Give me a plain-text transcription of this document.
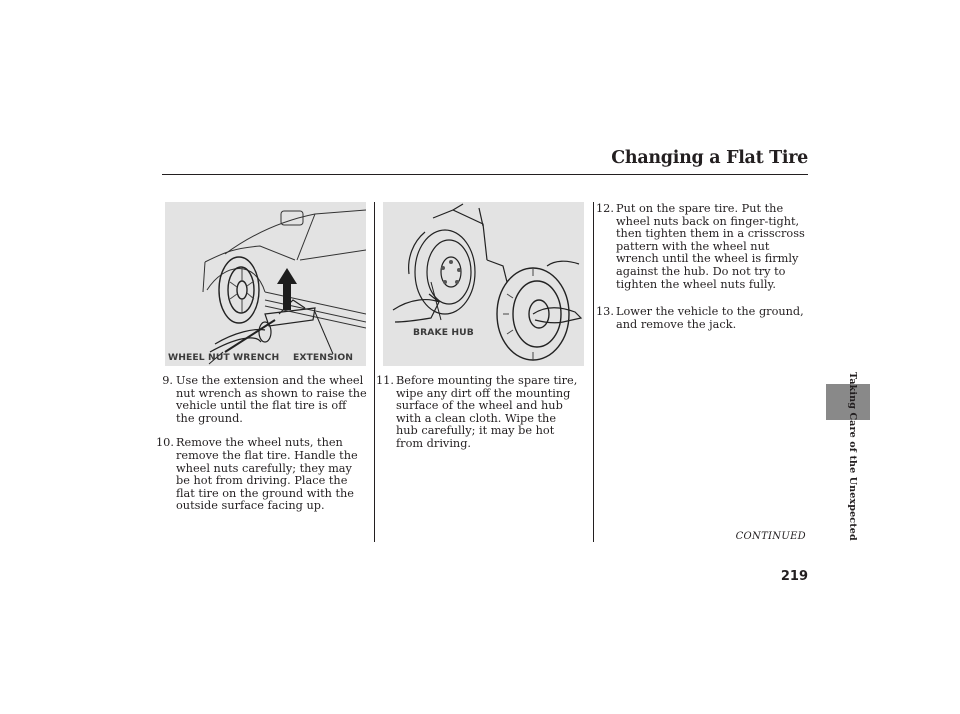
Changing a Flat Tire
WHEEL NUT WRENCH EXTENSION
BRAKE HUB
9. Use the extension and the wheel nut wrench as shown to raise the vehicle until the flat tire is off the ground.
10. Remove the wheel nuts, then remove the flat tire. Handle the wheel nuts carefully; they may be hot from driving. Place the flat tire on the ground with the outside surface facing up.
11. Before mounting the spare tire, wipe any dirt off the mounting surface of the wheel and hub with a clean cloth. Wipe the hub carefully; it may be hot from driving.
12. Put on the spare tire. Put the wheel nuts back on finger-tight, then tighten them in a crisscross pattern with the wheel nut wrench until the wheel is firmly against the hub. Do not try to tighten the wheel nuts fully.
13. Lower the vehicle to the ground, and remove the jack.
CONTINUED
219
Taking Care of the Unexpected
